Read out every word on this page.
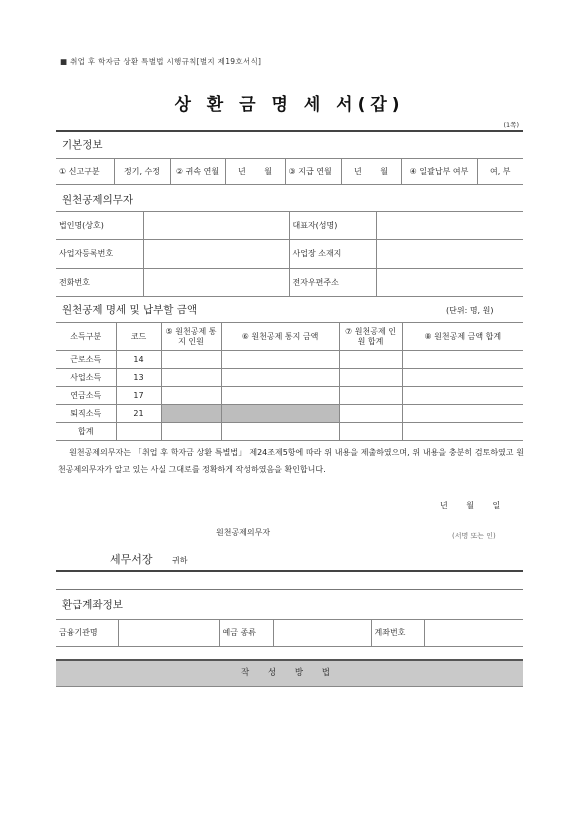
■ 취업 후 학자금 상환 특별법 시행규칙[별지 제19호서식]
상 환 금 명 세 서(갑)
(1쪽)
기본정보
① 신고구분	정기, 수정	② 귀속 연월	년 월	③ 지급 연월	년 월	④ 일괄납부 여부	여, 부
원천공제의무자
법인명(상호)		대표자(성명)	
사업자등록번호		사업장 소재지	
전화번호		전자우편주소	
원천공제 명세 및 납부할 금액	(단위: 명, 원)
소득구분	코드	⑤ 원천공제 통지 인원	⑥ 원천공제 통지 금액	⑦ 원천공제 인원 합계	⑧ 원천공제 금액 합계
근로소득	14				
사업소득	13				
연금소득	17				
퇴직소득	21				
합계					
원천공제의무자는 「취업 후 학자금 상환 특별법」 제24조제5항에 따라 위 내용을 제출하였으며, 위 내용을 충분히 검토하였고 원천공제의무자가 알고 있는 사실 그대로를 정확하게 작성하였음을 확인합니다.
년 월 일
원천공제의무자	(서명 또는 인)
세무서장 귀하
환급계좌정보
금융기관명		예금 종류		계좌번호	
작 성 방 법
